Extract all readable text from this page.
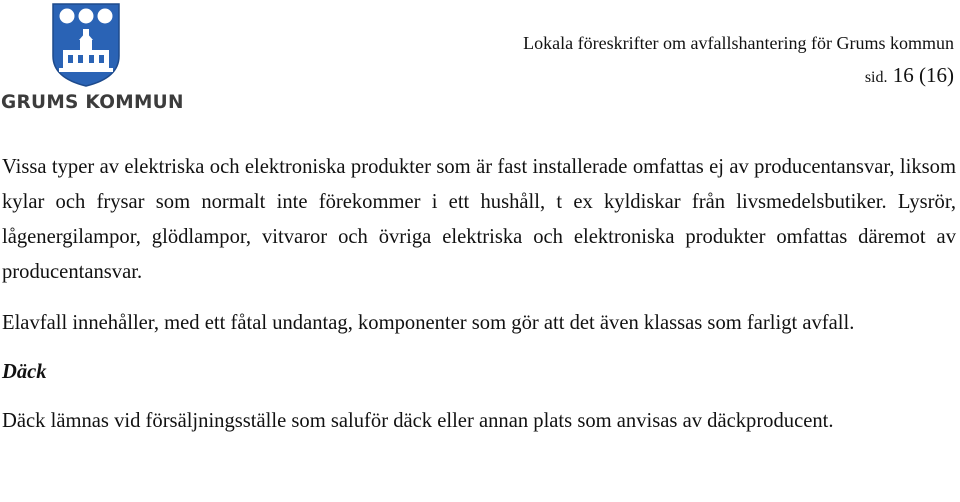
GRUMS KOMMUN
Lokala föreskrifter om avfallshantering för Grums kommun
sid. 16 (16)

Vissa typer av elektriska och elektroniska produkter som är fast installerade omfattas ej av producentansvar, liksom kylar och frysar som normalt inte förekommer i ett hushåll, t ex kyldiskar från livsmedelsbutiker. Lysrör, lågenergilampor, glödlampor, vitvaror och övriga elektriska och elektroniska produkter omfattas däremot av producentansvar.

Elavfall innehåller, med ett fåtal undantag, komponenter som gör att det även klassas som farligt avfall.

Däck

Däck lämnas vid försäljningsställe som saluför däck eller annan plats som anvisas av däckproducent.
